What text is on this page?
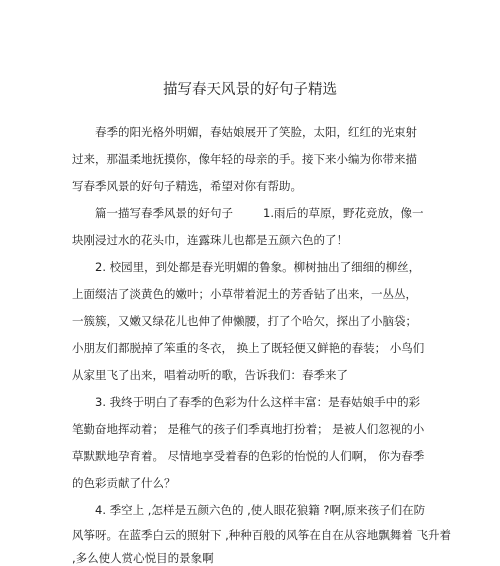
描写春天风景的好句子精选
春季的阳光格外明媚，春姑娘展开了笑脸，太阳，红红的光束射
过来，那温柔地抚摸你，像年轻的母亲的手。接下来小编为你带来描
写春季风景的好句子精选，希望对你有帮助。
篇一描写春季风景的好句子	1.雨后的草原，野花竞放，像一
块刚浸过水的花头巾，连露珠儿也都是五颜六色的了！
2. 校园里，到处都是春光明媚的鲁象。柳树抽出了细细的柳丝，
上面缀洁了淡黄色的嫩叶；小草带着泥土的芳香钻了出来，一丛丛，
一簇簇，又嫩又绿花儿也伸了伸懒腰，打了个哈欠，探出了小脑袋；
小朋友们都脱掉了笨重的冬衣， 换上了既轻便又鲜艳的春装； 小鸟们
从家里飞了出来，唱着动听的歌，告诉我们：春季来了
3. 我终于明白了春季的色彩为什么这样丰富：是春姑娘手中的彩
笔勤奋地挥动着； 是稚气的孩子们季真地打扮着； 是被人们忽视的小
草默默地孕育着。 尽情地享受着春的色彩的怡悦的人们啊， 你为春季
的色彩贡献了什么？
4. 季空上 ,怎样是五颜六色的 ,使人眼花狼籍 ?啊,原来孩子们在防
风筝呀。在蓝季白云的照射下 ,种种百般的风筝在自在从容地飘舞着 飞升着
,多么使人赏心悦目的景象啊
